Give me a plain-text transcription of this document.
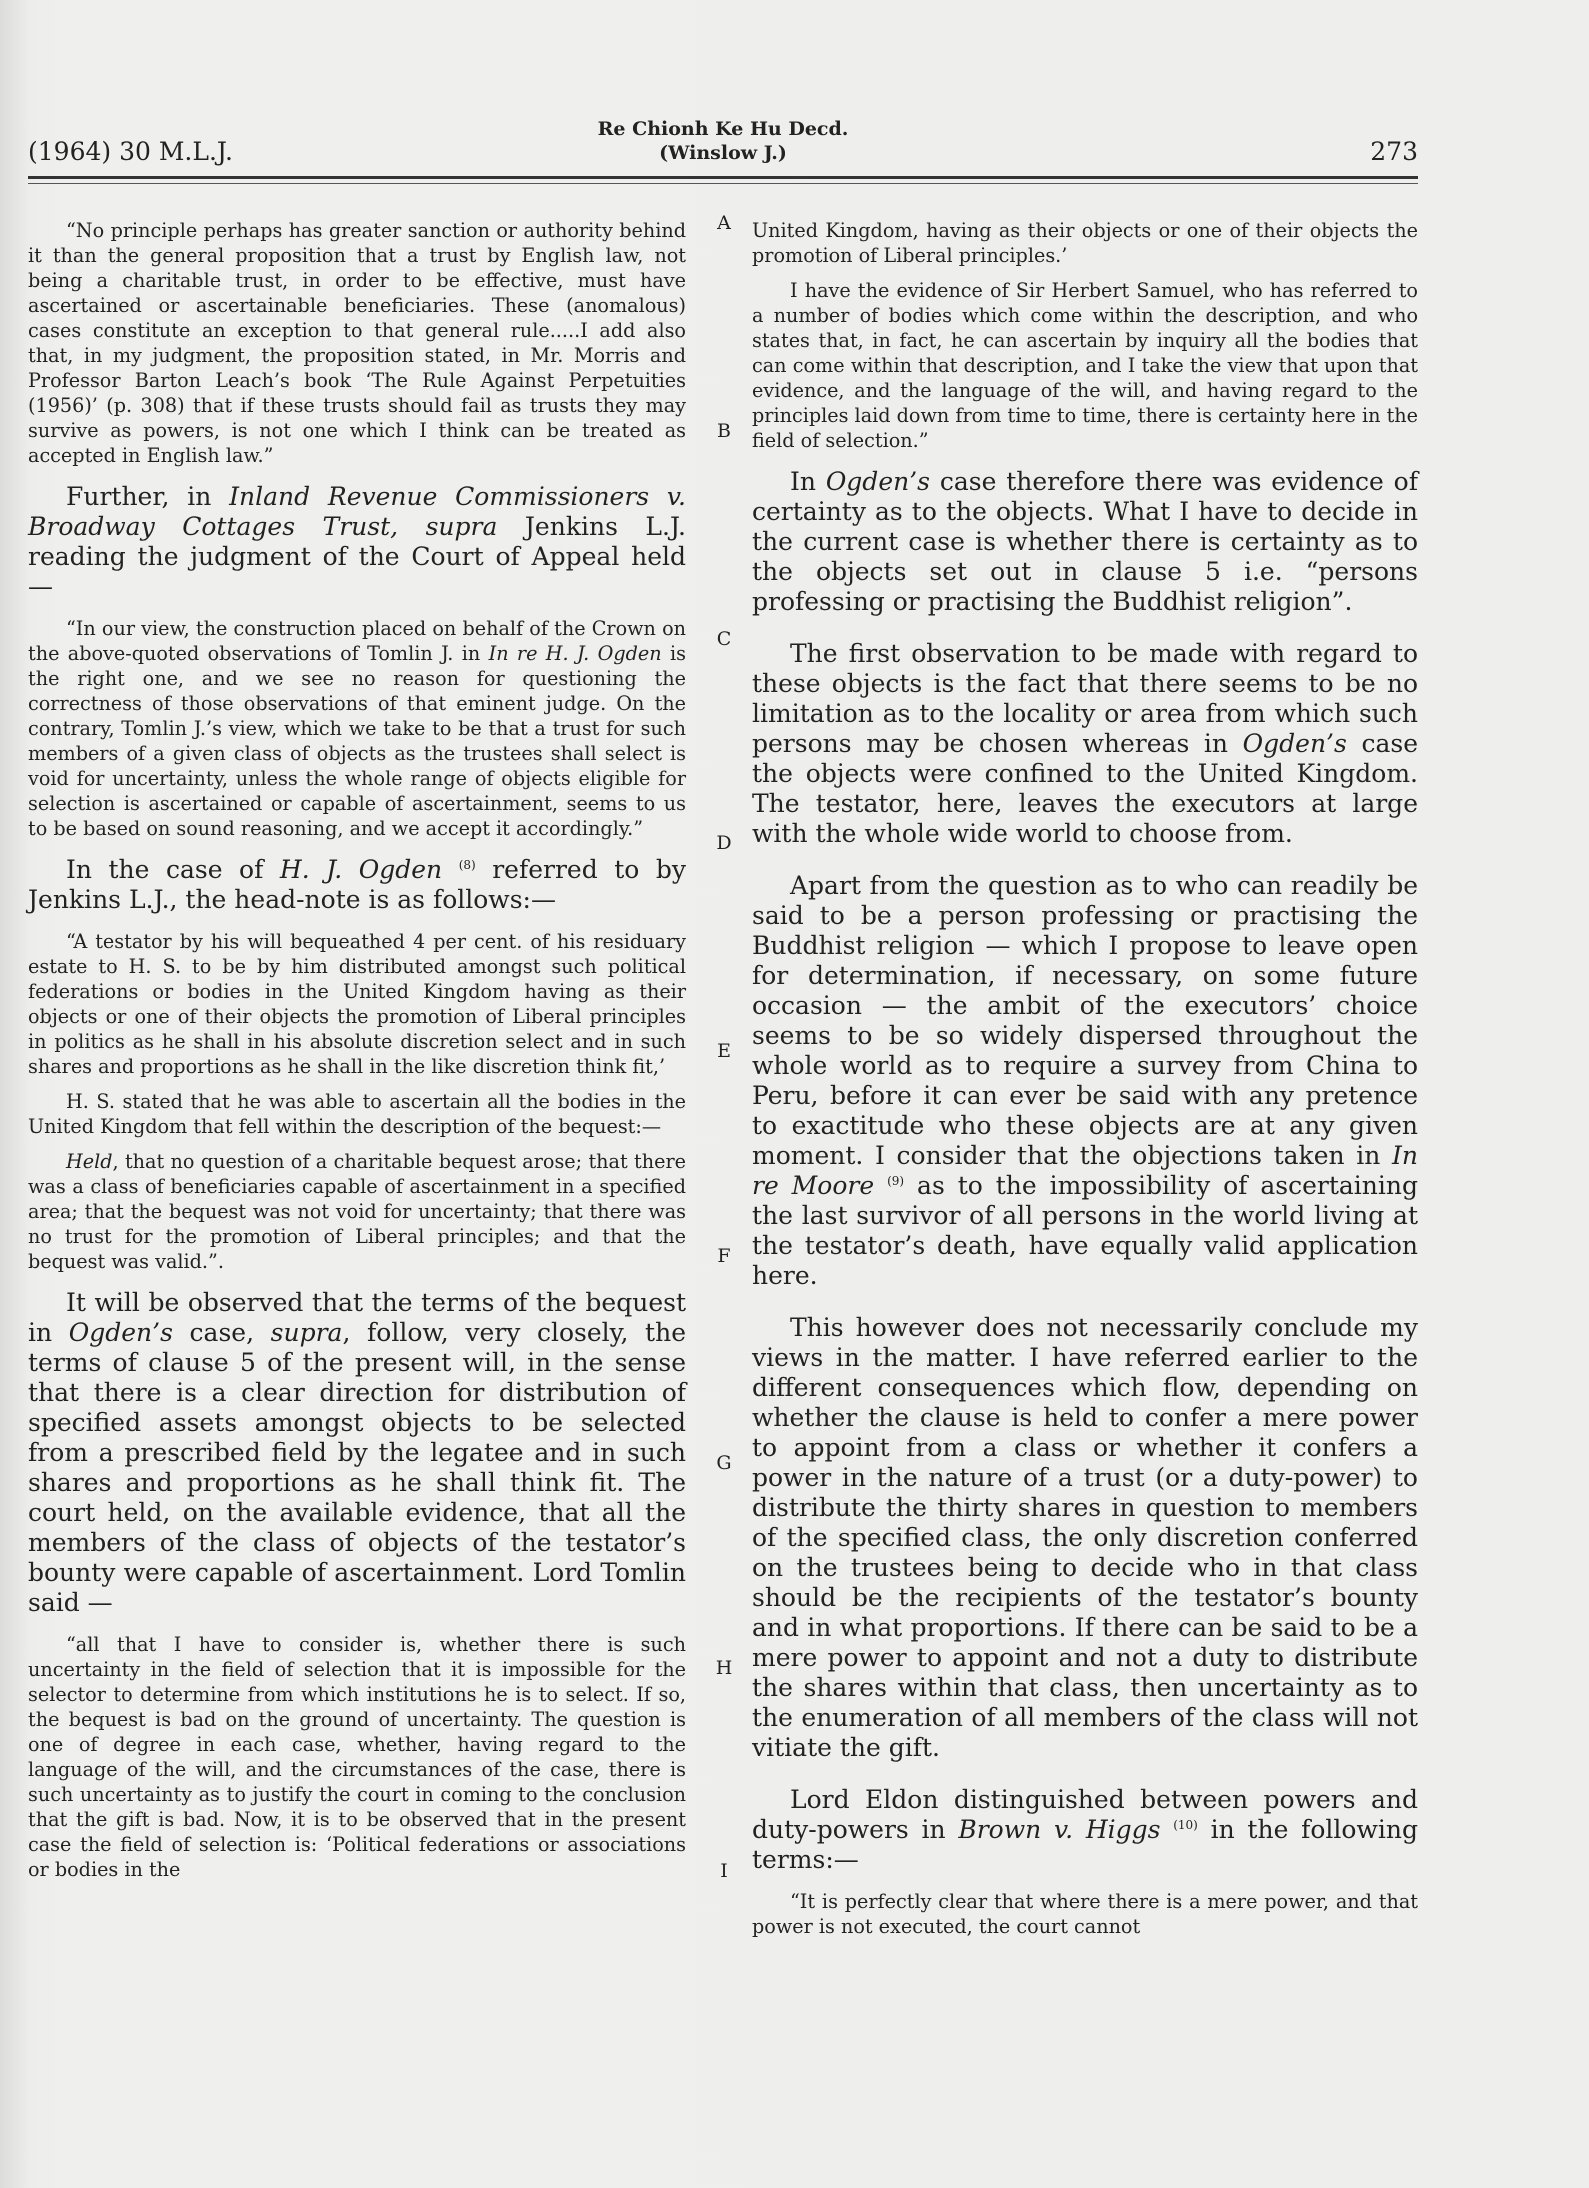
(1964) 30 M.L.J.
Re Chionh Ke Hu Decd.
(Winslow J.)	273
A
B
C
D
E
F
G
H
I

“No principle perhaps has greater sanction or authority behind it than the general proposition that a trust by English law, not being a charitable trust, in order to be effective, must have ascertained or ascertainable beneficiaries. These (anomalous) cases constitute an exception to that general rule.....I add also that, in my judgment, the proposition stated, in Mr. Morris and Professor Barton Leach’s book ‘The Rule Against Perpetuities (1956)’ (p. 308) that if these trusts should fail as trusts they may survive as powers, is not one which I think can be treated as accepted in English law.”

Further, in Inland Revenue Commissioners v. Broadway Cottages Trust, supra Jenkins L.J. reading the judgment of the Court of Appeal held —

“In our view, the construction placed on behalf of the Crown on the above-quoted observations of Tomlin J. in In re H. J. Ogden is the right one, and we see no reason for questioning the correctness of those observations of that eminent judge. On the contrary, Tomlin J.’s view, which we take to be that a trust for such members of a given class of objects as the trustees shall select is void for uncertainty, unless the whole range of objects eligible for selection is ascertained or capable of ascertainment, seems to us to be based on sound reasoning, and we accept it accordingly.”

In the case of H. J. Ogden $^{(8)}$ referred to by Jenkins L.J., the head-note is as follows:—

“A testator by his will bequeathed 4 per cent. of his residuary estate to H. S. to be by him distributed amongst such political federations or bodies in the United Kingdom having as their objects or one of their objects the promotion of Liberal principles in politics as he shall in his absolute discretion select and in such shares and proportions as he shall in the like discretion think fit,’

H. S. stated that he was able to ascertain all the bodies in the United Kingdom that fell within the description of the bequest:—

Held, that no question of a charitable bequest arose; that there was a class of beneficiaries capable of ascertainment in a specified area; that the bequest was not void for uncertainty; that there was no trust for the promotion of Liberal principles; and that the bequest was valid.”.

It will be observed that the terms of the bequest in Ogden’s case, supra, follow, very closely, the terms of clause 5 of the present will, in the sense that there is a clear direction for distribution of specified assets amongst objects to be selected from a prescribed field by the legatee and in such shares and proportions as he shall think fit. The court held, on the available evidence, that all the members of the class of objects of the testator’s bounty were capable of ascertainment. Lord Tomlin said —

“all that I have to consider is, whether there is such uncertainty in the field of selection that it is impossible for the selector to determine from which institutions he is to select. If so, the bequest is bad on the ground of uncertainty. The question is one of degree in each case, whether, having regard to the language of the will, and the circumstances of the case, there is such uncertainty as to justify the court in coming to the conclusion that the gift is bad. Now, it is to be observed that in the present case the field of selection is: ‘Political federations or associations or bodies in the

United Kingdom, having as their objects or one of their objects the promotion of Liberal principles.’

I have the evidence of Sir Herbert Samuel, who has referred to a number of bodies which come within the description, and who states that, in fact, he can ascertain by inquiry all the bodies that can come within that description, and I take the view that upon that evidence, and the language of the will, and having regard to the principles laid down from time to time, there is certainty here in the field of selection.”

In Ogden’s case therefore there was evidence of certainty as to the objects. What I have to decide in the current case is whether there is certainty as to the objects set out in clause 5 i.e. “persons professing or practising the Buddhist religion”.

The first observation to be made with regard to these objects is the fact that there seems to be no limitation as to the locality or area from which such persons may be chosen whereas in Ogden’s case the objects were confined to the United Kingdom. The testator, here, leaves the executors at large with the whole wide world to choose from.

Apart from the question as to who can readily be said to be a person professing or practising the Buddhist religion — which I propose to leave open for determination, if necessary, on some future occasion — the ambit of the executors’ choice seems to be so widely dispersed throughout the whole world as to require a survey from China to Peru, before it can ever be said with any pretence to exactitude who these objects are at any given moment. I consider that the objections taken in In re Moore $^{(9)}$ as to the impossibility of ascertaining the last survivor of all persons in the world living at the testator’s death, have equally valid application here.

This however does not necessarily conclude my views in the matter. I have referred earlier to the different consequences which flow, depending on whether the clause is held to confer a mere power to appoint from a class or whether it confers a power in the nature of a trust (or a duty-power) to distribute the thirty shares in question to members of the specified class, the only discretion conferred on the trustees being to decide who in that class should be the recipients of the testator’s bounty and in what proportions. If there can be said to be a mere power to appoint and not a duty to distribute the shares within that class, then uncertainty as to the enumeration of all members of the class will not vitiate the gift.

Lord Eldon distinguished between powers and duty-powers in Brown v. Higgs $^{(10)}$ in the following terms:—

“It is perfectly clear that where there is a mere power, and that power is not executed, the court cannot
